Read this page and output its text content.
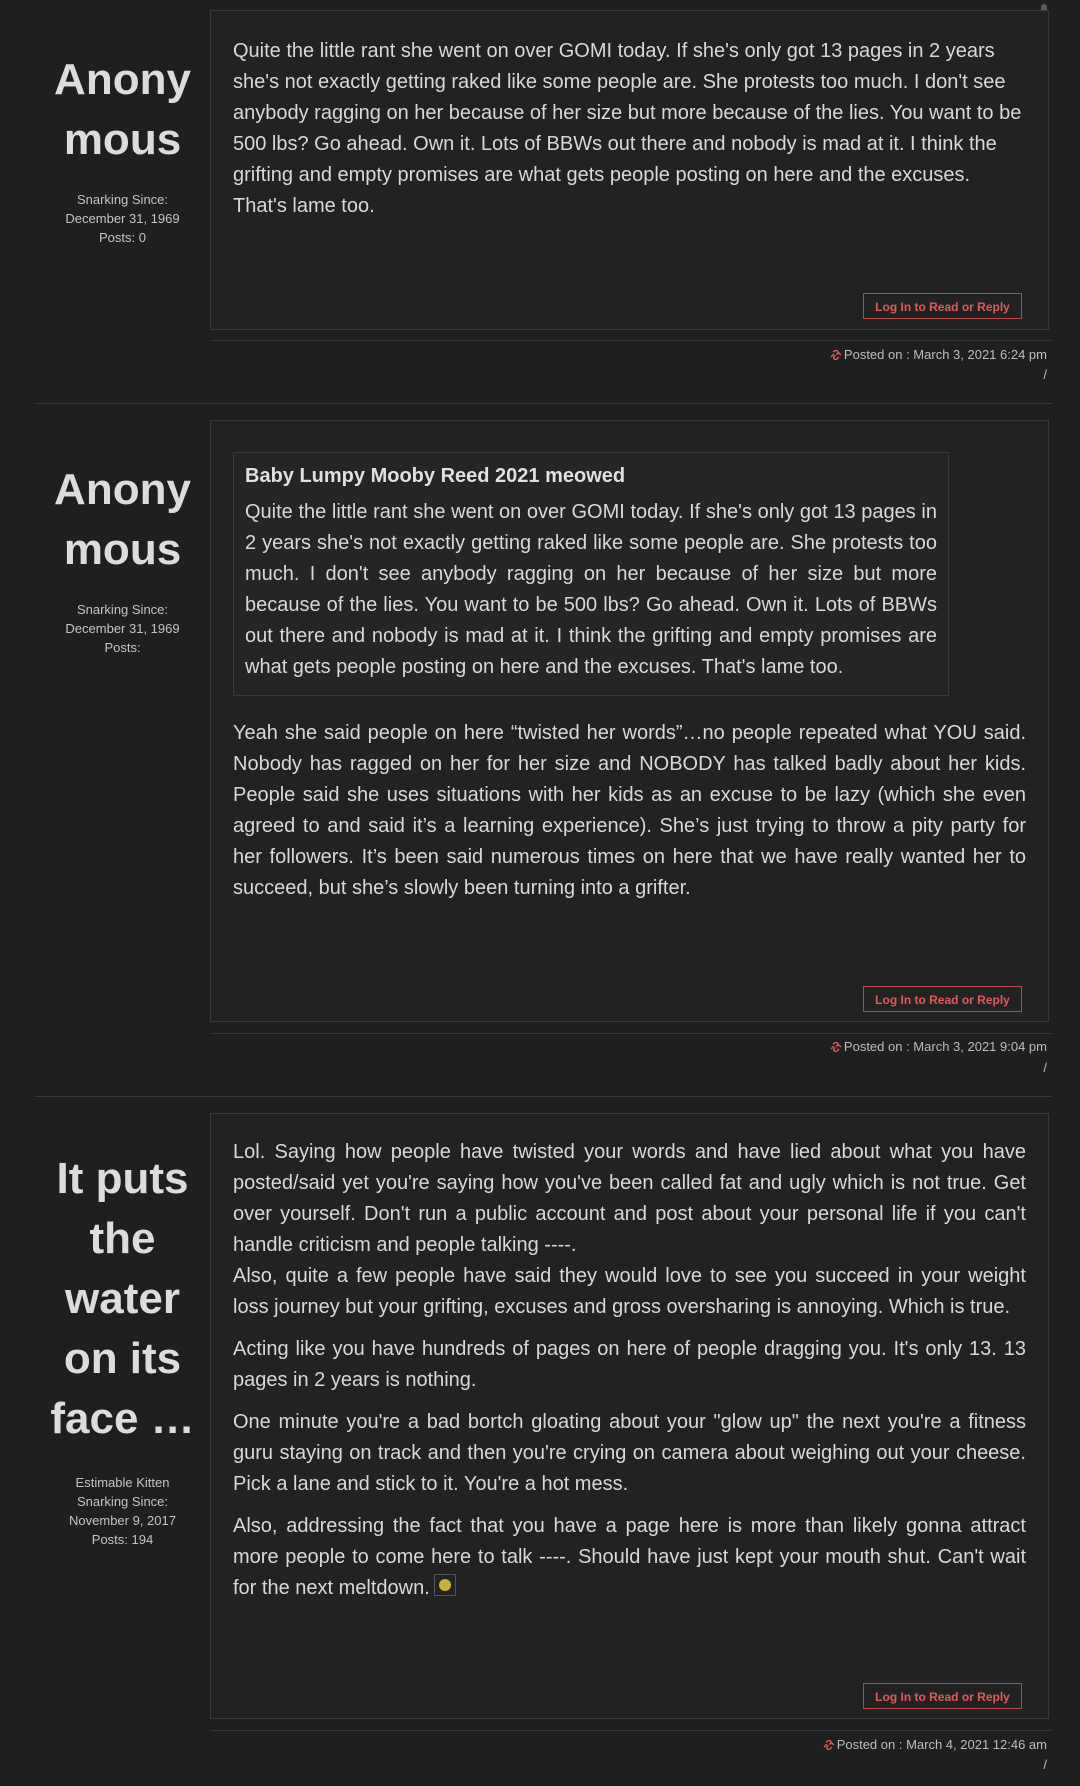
Anonymous
Snarking Since:
December 31, 1969
Posts: 0

Quite the little rant she went on over GOMI today. If she's only got 13 pages in 2 years she's not exactly getting raked like some people are. She protests too much. I don't see anybody ragging on her because of her size but more because of the lies. You want to be 500 lbs? Go ahead. Own it. Lots of BBWs out there and nobody is mad at it. I think the grifting and empty promises are what gets people posting on here and the excuses. That's lame too.

Log In to Read or Reply
Posted on : March 3, 2021 6:24 pm
/
Anonymous
Snarking Since:
December 31, 1969
Posts:
Baby Lumpy Mooby Reed 2021 meowed
Quite the little rant she went on over GOMI today. If she's only got 13 pages in 2 years she's not exactly getting raked like some people are. She protests too much. I don't see anybody ragging on her because of her size but more because of the lies. You want to be 500 lbs? Go ahead. Own it. Lots of BBWs out there and nobody is mad at it. I think the grifting and empty promises are what gets people posting on here and the excuses. That's lame too.

Yeah she said people on here “twisted her words”…no people repeated what YOU said. Nobody has ragged on her for her size and NOBODY has talked badly about her kids. People said she uses situations with her kids as an excuse to be lazy (which she even agreed to and said it’s a learning experience). She’s just trying to throw a pity party for her followers. It’s been said numerous times on here that we have really wanted her to succeed, but she’s slowly been turning into a grifter.

Log In to Read or Reply
Posted on : March 3, 2021 9:04 pm
/
It puts the water on its face …
Estimable Kitten
Snarking Since:
November 9, 2017
Posts: 194

Lol. Saying how people have twisted your words and have lied about what you have posted/said yet you're saying how you've been called fat and ugly which is not true. Get over yourself. Don't run a public account and post about your personal life if you can't handle criticism and people talking ----.

Also, quite a few people have said they would love to see you succeed in your weight loss journey but your grifting, excuses and gross oversharing is annoying. Which is true.

Acting like you have hundreds of pages on here of people dragging you. It's only 13. 13 pages in 2 years is nothing.

One minute you're a bad bortch gloating about your "glow up" the next you're a fitness guru staying on track and then you're crying on camera about weighing out your cheese. Pick a lane and stick to it. You're a hot mess.

Also, addressing the fact that you have a page here is more than likely gonna attract more people to come here to talk ----. Should have just kept your mouth shut. Can't wait for the next meltdown.

Log In to Read or Reply
Posted on : March 4, 2021 12:46 am
/
